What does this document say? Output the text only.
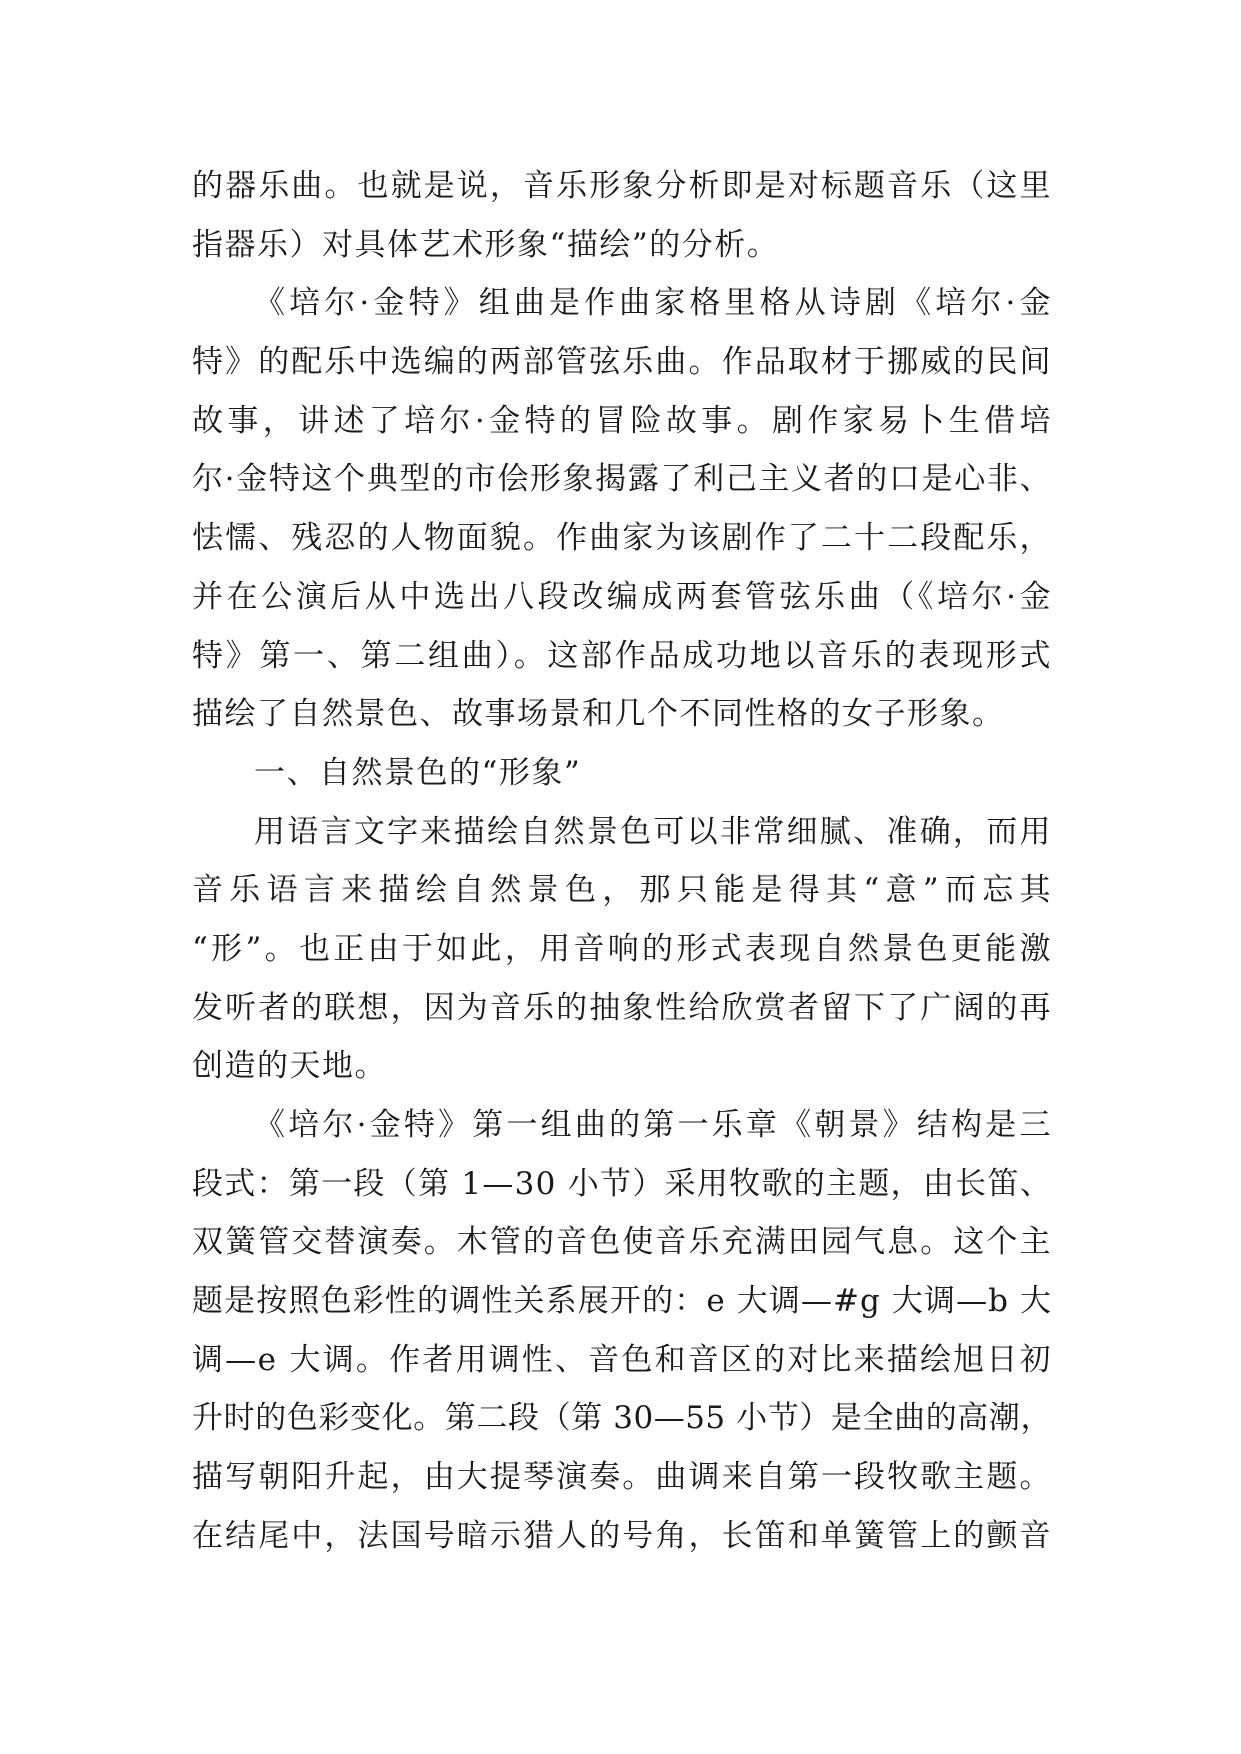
的器乐曲。也就是说，音乐形象分析即是对标题音乐（这里
指器乐）对具体艺术形象“描绘”的分析。
《培尔·金特》组曲是作曲家格里格从诗剧《培尔·金
特》的配乐中选编的两部管弦乐曲。作品取材于挪威的民间
故事，讲述了培尔·金特的冒险故事。剧作家易卜生借培
尔·金特这个典型的市侩形象揭露了利己主义者的口是心非、
怯懦、残忍的人物面貌。作曲家为该剧作了二十二段配乐，
并在公演后从中选出八段改编成两套管弦乐曲（《培尔·金
特》第一、第二组曲）。这部作品成功地以音乐的表现形式
描绘了自然景色、故事场景和几个不同性格的女子形象。
一、自然景色的“形象”
用语言文字来描绘自然景色可以非常细腻、准确，而用
音乐语言来描绘自然景色，那只能是得其“意”而忘其
“形”。也正由于如此，用音响的形式表现自然景色更能激
发听者的联想，因为音乐的抽象性给欣赏者留下了广阔的再
创造的天地。
《培尔·金特》第一组曲的第一乐章《朝景》结构是三
段式：第一段（第 1—30 小节）采用牧歌的主题，由长笛、
双簧管交替演奏。木管的音色使音乐充满田园气息。这个主
题是按照色彩性的调性关系展开的：e 大调—#g 大调—b 大
调—e 大调。作者用调性、音色和音区的对比来描绘旭日初
升时的色彩变化。第二段（第 30—55 小节）是全曲的高潮，
描写朝阳升起，由大提琴演奏。曲调来自第一段牧歌主题。
在结尾中，法国号暗示猎人的号角，长笛和单簧管上的颤音
